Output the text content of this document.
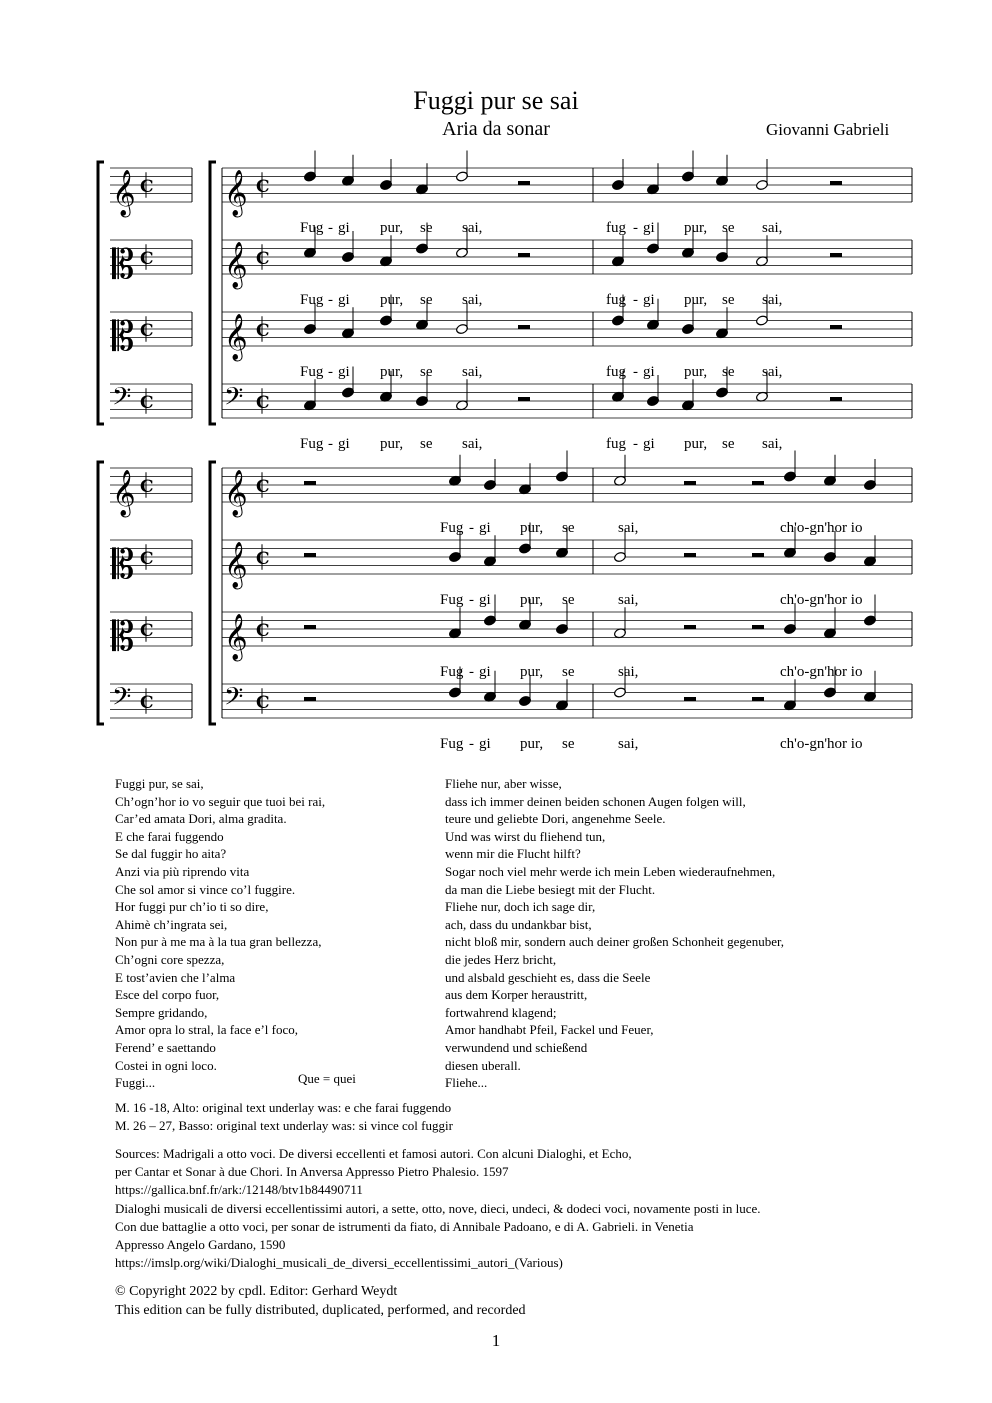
Fuggi pur se sai
Aria da sonar	Giovanni Gabrieli
𝄞 𝄞
C	C
Fug - gi pur, se sai,	fug - gi pur, se sai,
𝄡 𝄞
C	C
Fug - gi pur, se sai,	fug - gi pur, se sai,
𝄡 𝄞
C	C
Fug - gi pur, se sai,	fug - gi pur, se sai,
𝄢	𝄢
C	C
Fug - gi pur, se sai,	fug - gi pur, se sai,
𝄞 𝄞
C	C
Fug - gi pur, se	sai,	ch'o-gn'hor io
𝄡 𝄞
C	C
Fug - gi pur, se	sai,	ch'o-gn'hor io
𝄡 𝄞
C	C
Fug - gi pur, se	sai,	ch'o-gn'hor io
𝄢	𝄢
C	C
Fug - gi pur, se	sai,	ch'o-gn'hor io
Fuggi pur, se sai,
Ch’ogn’hor io vo seguir que tuoi bei rai,
Car’ed amata Dori, alma gradita.
E che farai fuggendo
Se dal fuggir ho aita?
Anzi via più riprendo vita
Che sol amor si vince co’l fuggire.
Hor fuggi pur ch’io ti so dire,
Ahimè ch’ingrata sei,
Non pur à me ma à la tua gran bellezza,
Ch’ogni core spezza,
E tost’avien che l’alma
Esce del corpo fuor,
Sempre gridando,
Amor opra lo stral, la face e’l foco,
Ferend’ e saettando
Costei in ogni loco.
Fuggi...	Que = quei
Fliehe nur, aber wisse,
dass ich immer deinen beiden schonen Augen folgen will,
teure und geliebte Dori, angenehme Seele.
Und was wirst du fliehend tun,
wenn mir die Flucht hilft?
Sogar noch viel mehr werde ich mein Leben wiederaufnehmen,
da man die Liebe besiegt mit der Flucht.
Fliehe nur, doch ich sage dir,
ach, dass du undankbar bist,
nicht bloß mir, sondern auch deiner großen Schonheit gegenuber,
die jedes Herz bricht,
und alsbald geschieht es, dass die Seele
aus dem Korper heraustritt,
fortwahrend klagend;
Amor handhabt Pfeil, Fackel und Feuer,
verwundend und schießend
diesen uberall.
Fliehe...
M. 16 -18, Alto: original text underlay was: e che farai fuggendo
M. 26 – 27, Basso: original text underlay was: si vince col fuggir
Sources: Madrigali a otto voci. De diversi eccellenti et famosi autori. Con alcuni Dialoghi, et Echo,
per Cantar et Sonar à due Chori. In Anversa Appresso Pietro Phalesio. 1597
https://gallica.bnf.fr/ark:/12148/btv1b84490711
Dialoghi musicali de diversi eccellentissimi autori, a sette, otto, nove, dieci, undeci, & dodeci voci, novamente posti in luce.
Con due battaglie a otto voci, per sonar de istrumenti da fiato, di Annibale Padoano, e di A. Gabrieli. in Venetia
Appresso Angelo Gardano, 1590
https://imslp.org/wiki/Dialoghi_musicali_de_diversi_eccellentissimi_autori_(Various)
© Copyright 2022 by cpdl. Editor: Gerhard Weydt
This edition can be fully distributed, duplicated, performed, and recorded
1
